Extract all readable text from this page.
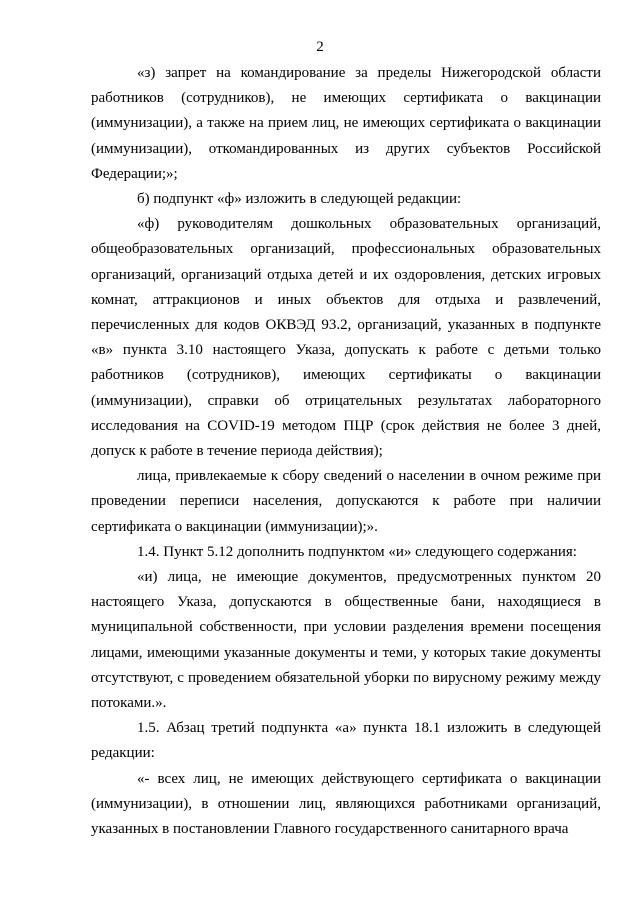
2

«з) запрет на командирование за пределы Нижегородской области работников (сотрудников), не имеющих сертификата о вакцинации (иммунизации), а также на прием лиц, не имеющих сертификата о вакцинации (иммунизации), откомандированных из других субъектов Российской Федерации;»;

б) подпункт «ф» изложить в следующей редакции:

«ф) руководителям дошкольных образовательных организаций, общеобразовательных организаций, профессиональных образовательных организаций, организаций отдыха детей и их оздоровления, детских игровых комнат, аттракционов и иных объектов для отдыха и развлечений, перечисленных для кодов ОКВЭД 93.2, организаций, указанных в подпункте «в» пункта 3.10 настоящего Указа, допускать к работе с детьми только работников (сотрудников), имеющих сертификаты о вакцинации (иммунизации), справки об отрицательных результатах лабораторного исследования на COVID-19 методом ПЦР (срок действия не более 3 дней, допуск к работе в течение периода действия);

лица, привлекаемые к сбору сведений о населении в очном режиме при проведении переписи населения, допускаются к работе при наличии сертификата о вакцинации (иммунизации);».

1.4. Пункт 5.12 дополнить подпунктом «и» следующего содержания:

«и) лица, не имеющие документов, предусмотренных пунктом 20 настоящего Указа, допускаются в общественные бани, находящиеся в муниципальной собственности, при условии разделения времени посещения лицами, имеющими указанные документы и теми, у которых такие документы отсутствуют, с проведением обязательной уборки по вирусному режиму между потоками.».

1.5. Абзац третий подпункта «а» пункта 18.1 изложить в следующей редакции:

«- всех лиц, не имеющих действующего сертификата о вакцинации (иммунизации), в отношении лиц, являющихся работниками организаций, указанных в постановлении Главного государственного санитарного врача
